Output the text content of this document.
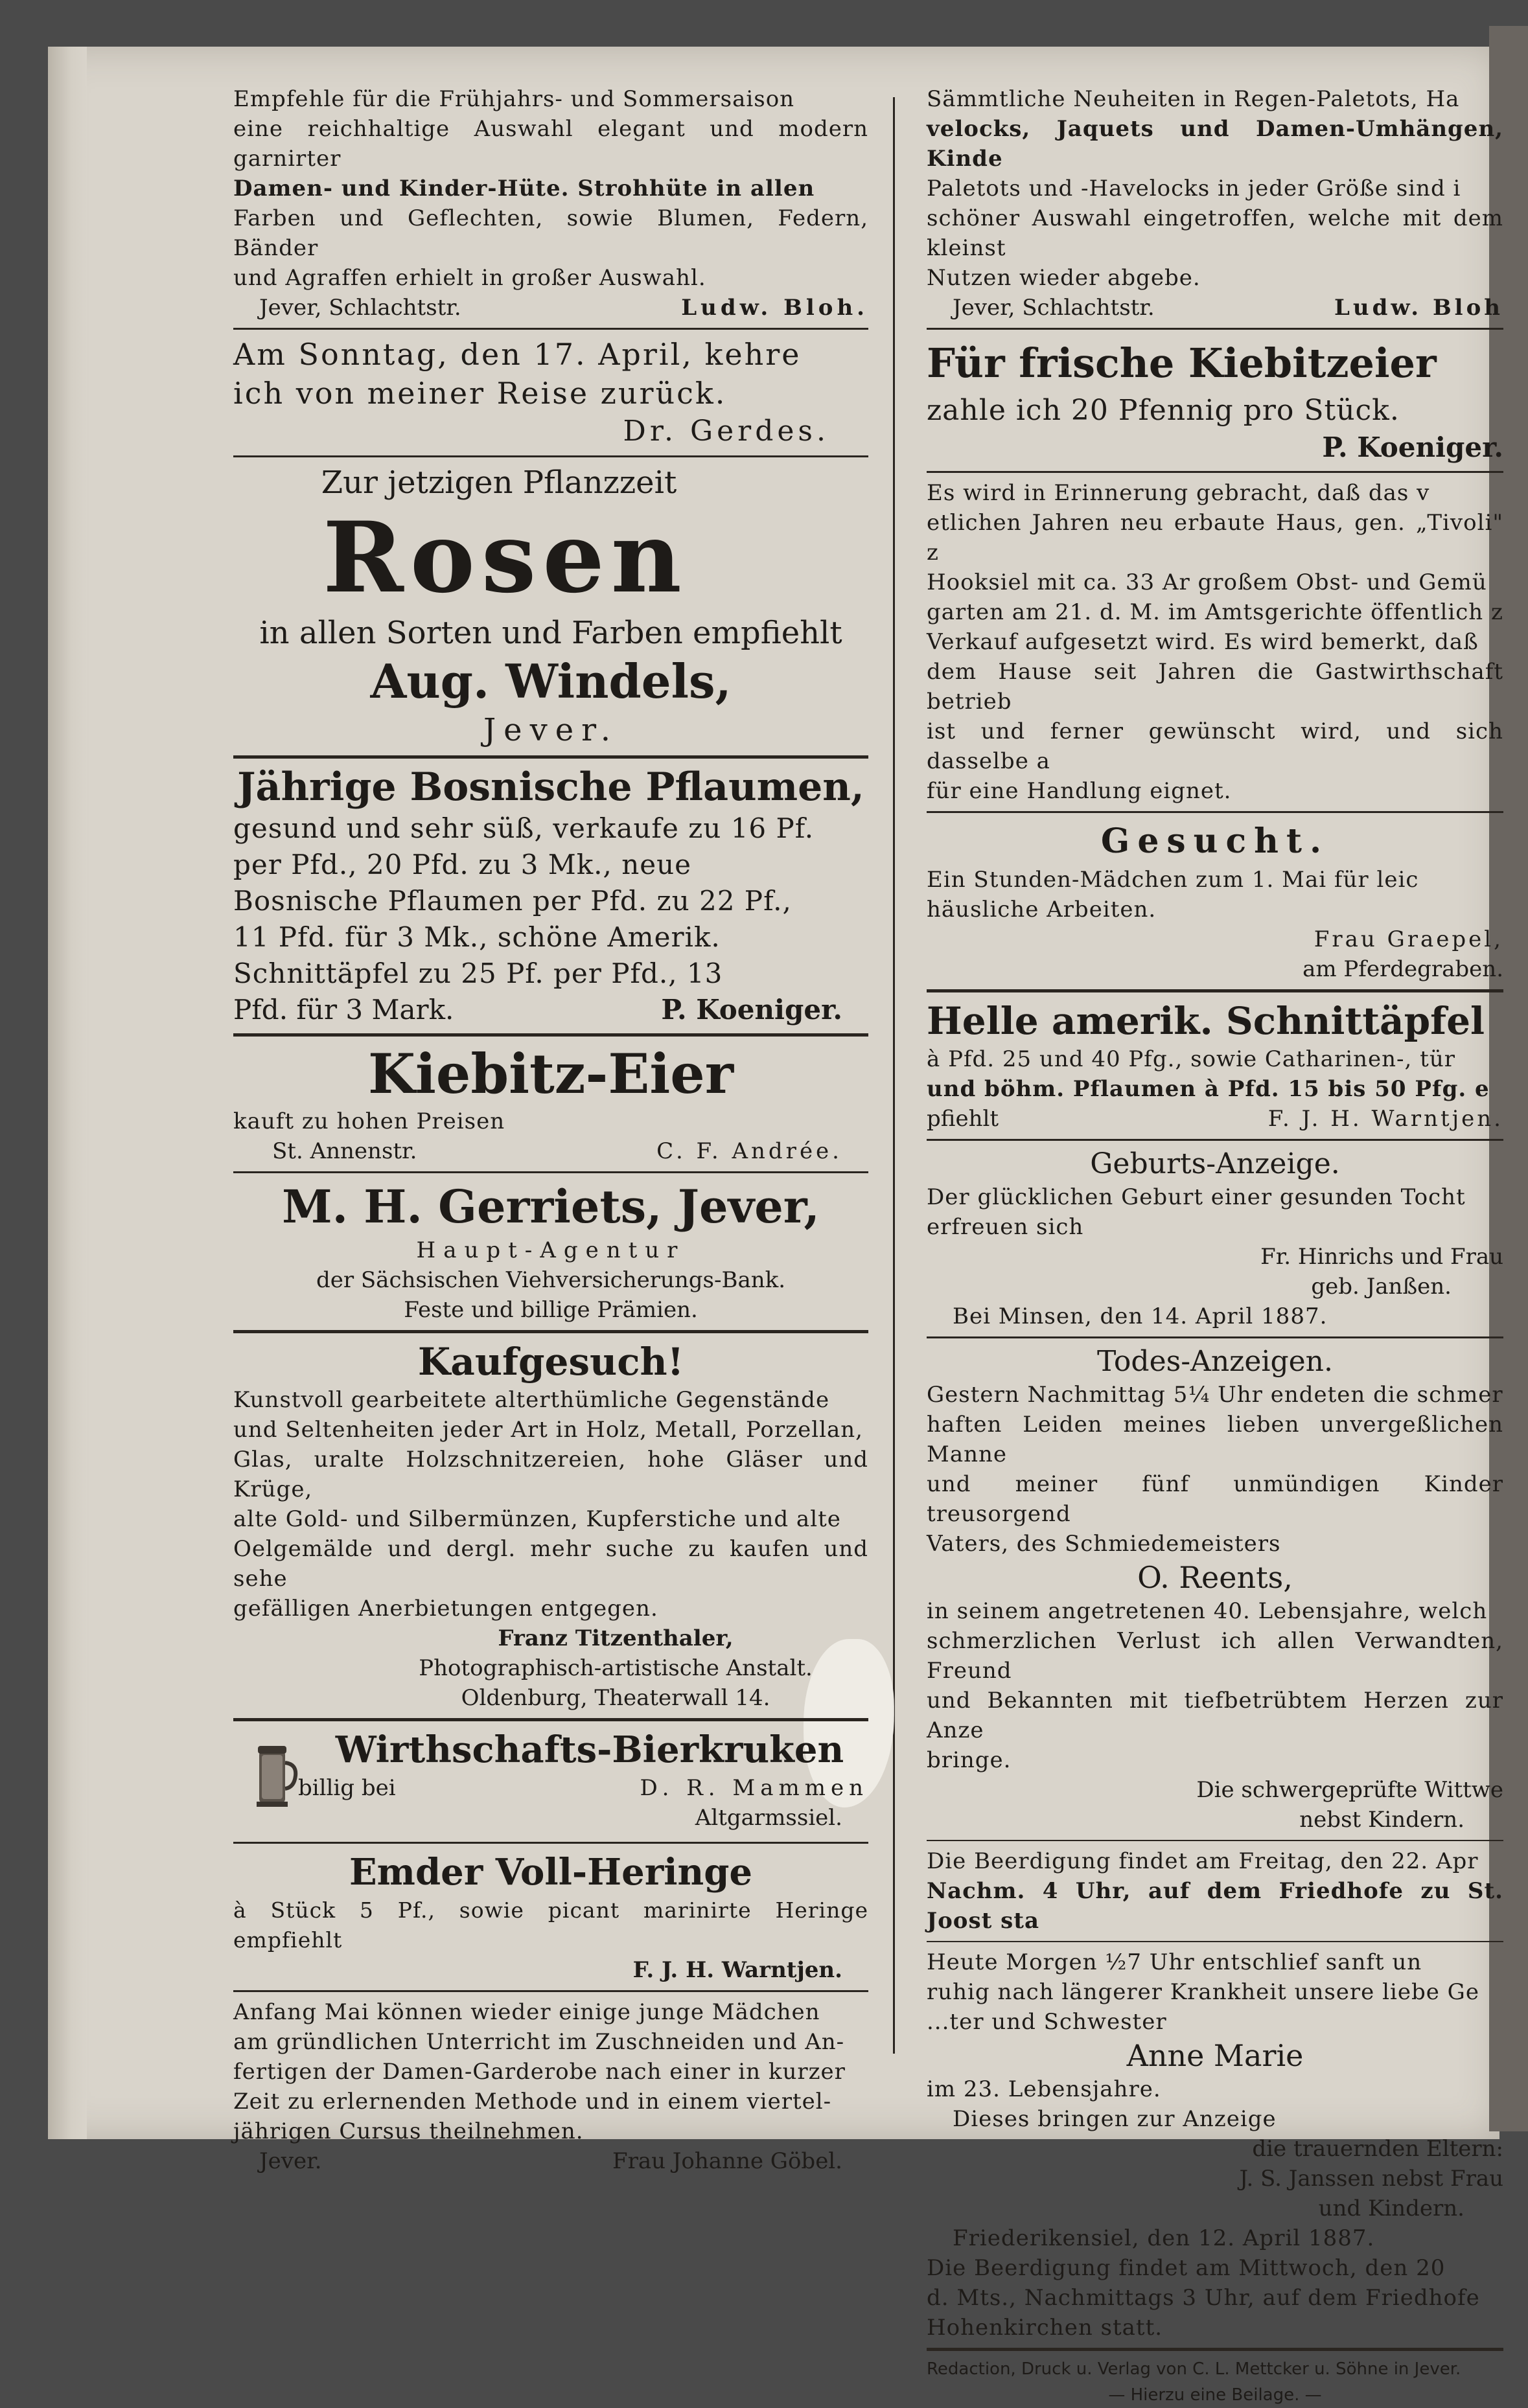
Empfehle für die Frühjahrs- und Sommersaison
eine reichhaltige Auswahl elegant und modern garnirter
Damen- und Kinder-Hüte. Strohhüte in allen
Farben und Geflechten, sowie Blumen, Federn, Bänder
und Agraffen erhielt in großer Auswahl.
Jever, Schlachtstr.	Ludw. Bloh.
Am Sonntag, den 17. April, kehre
ich von meiner Reise zurück.
Dr. Gerdes.
Zur jetzigen Pflanzzeit
Rosen
in allen Sorten und Farben empfiehlt
Aug. Windels,
Jever.
Jährige Bosnische Pflaumen,
gesund und sehr süß, verkaufe zu 16 Pf.
per Pfd., 20 Pfd. zu 3 Mk., neue
Bosnische Pflaumen per Pfd. zu 22 Pf.,
11 Pfd. für 3 Mk., schöne Amerik.
Schnittäpfel zu 25 Pf. per Pfd., 13
Pfd. für 3 Mark.	P. Koeniger.
Kiebitz-Eier
kauft zu hohen Preisen
St. Annenstr.	C. F. Andrée.
M. H. Gerriets, Jever,
Haupt-Agentur
der Sächsischen Viehversicherungs-Bank.
Feste und billige Prämien.
Kaufgesuch!
Kunstvoll gearbeitete alterthümliche Gegenstände
und Seltenheiten jeder Art in Holz, Metall, Porzellan,
Glas, uralte Holzschnitzereien, hohe Gläser und Krüge,
alte Gold- und Silbermünzen, Kupferstiche und alte
Oelgemälde und dergl. mehr suche zu kaufen und sehe
gefälligen Anerbietungen entgegen.
Franz Titzenthaler,
Photographisch-artistische Anstalt.
Oldenburg, Theaterwall 14.
Wirthschafts-Bierkruken
billig bei	D. R. Mammen
Altgarmssiel.
Emder Voll-Heringe
à Stück 5 Pf., sowie picant marinirte Heringe empfiehlt
F. J. H. Warntjen.
Anfang Mai können wieder einige junge Mädchen
am gründlichen Unterricht im Zuschneiden und An-
fertigen der Damen-Garderobe nach einer in kurzer
Zeit zu erlernenden Methode und in einem viertel-
jährigen Cursus theilnehmen.
Jever.	Frau Johanne Göbel.
Sämmtliche Neuheiten in Regen-Paletots, Ha
velocks, Jaquets und Damen-Umhängen, Kinde
Paletots und -Havelocks in jeder Größe sind i
schöner Auswahl eingetroffen, welche mit dem kleinst
Nutzen wieder abgebe.
Jever, Schlachtstr.	Ludw. Bloh
Für frische Kiebitzeier
zahle ich 20 Pfennig pro Stück.
P. Koeniger.
Es wird in Erinnerung gebracht, daß das v
etlichen Jahren neu erbaute Haus, gen. „Tivoli" z
Hooksiel mit ca. 33 Ar großem Obst- und Gemü
garten am 21. d. M. im Amtsgerichte öffentlich z
Verkauf aufgesetzt wird. Es wird bemerkt, daß
dem Hause seit Jahren die Gastwirthschaft betrieb
ist und ferner gewünscht wird, und sich dasselbe a
für eine Handlung eignet.
Gesucht.
Ein Stunden-Mädchen zum 1. Mai für leic
häusliche Arbeiten.
Frau Graepel,
am Pferdegraben.
Helle amerik. Schnittäpfel
à Pfd. 25 und 40 Pfg., sowie Catharinen-, tür
und böhm. Pflaumen à Pfd. 15 bis 50 Pfg. e
pfiehlt	F. J. H. Warntjen.
Geburts-Anzeige.
Der glücklichen Geburt einer gesunden Tocht
erfreuen sich
Fr. Hinrichs und Frau
geb. Janßen.
Bei Minsen, den 14. April 1887.
Todes-Anzeigen.
Gestern Nachmittag 5¼ Uhr endeten die schmer
haften Leiden meines lieben unvergeßlichen Manne
und meiner fünf unmündigen Kinder treusorgend
Vaters, des Schmiedemeisters
O. Reents,
in seinem angetretenen 40. Lebensjahre, welch
schmerzlichen Verlust ich allen Verwandten, Freund
und Bekannten mit tiefbetrübtem Herzen zur Anze
bringe.
Die schwergeprüfte Wittwe
nebst Kindern.
Die Beerdigung findet am Freitag, den 22. Apr
Nachm. 4 Uhr, auf dem Friedhofe zu St. Joost sta
Heute Morgen ½7 Uhr entschlief sanft un
ruhig nach längerer Krankheit unsere liebe Ge
...ter und Schwester
Anne Marie
im 23. Lebensjahre.
Dieses bringen zur Anzeige
die trauernden Eltern:
J. S. Janssen nebst Frau
und Kindern.
Friederikensiel, den 12. April 1887.
Die Beerdigung findet am Mittwoch, den 20
d. Mts., Nachmittags 3 Uhr, auf dem Friedhofe
Hohenkirchen statt.
Redaction, Druck u. Verlag von C. L. Mettcker u. Söhne in Jever.
— Hierzu eine Beilage. —
